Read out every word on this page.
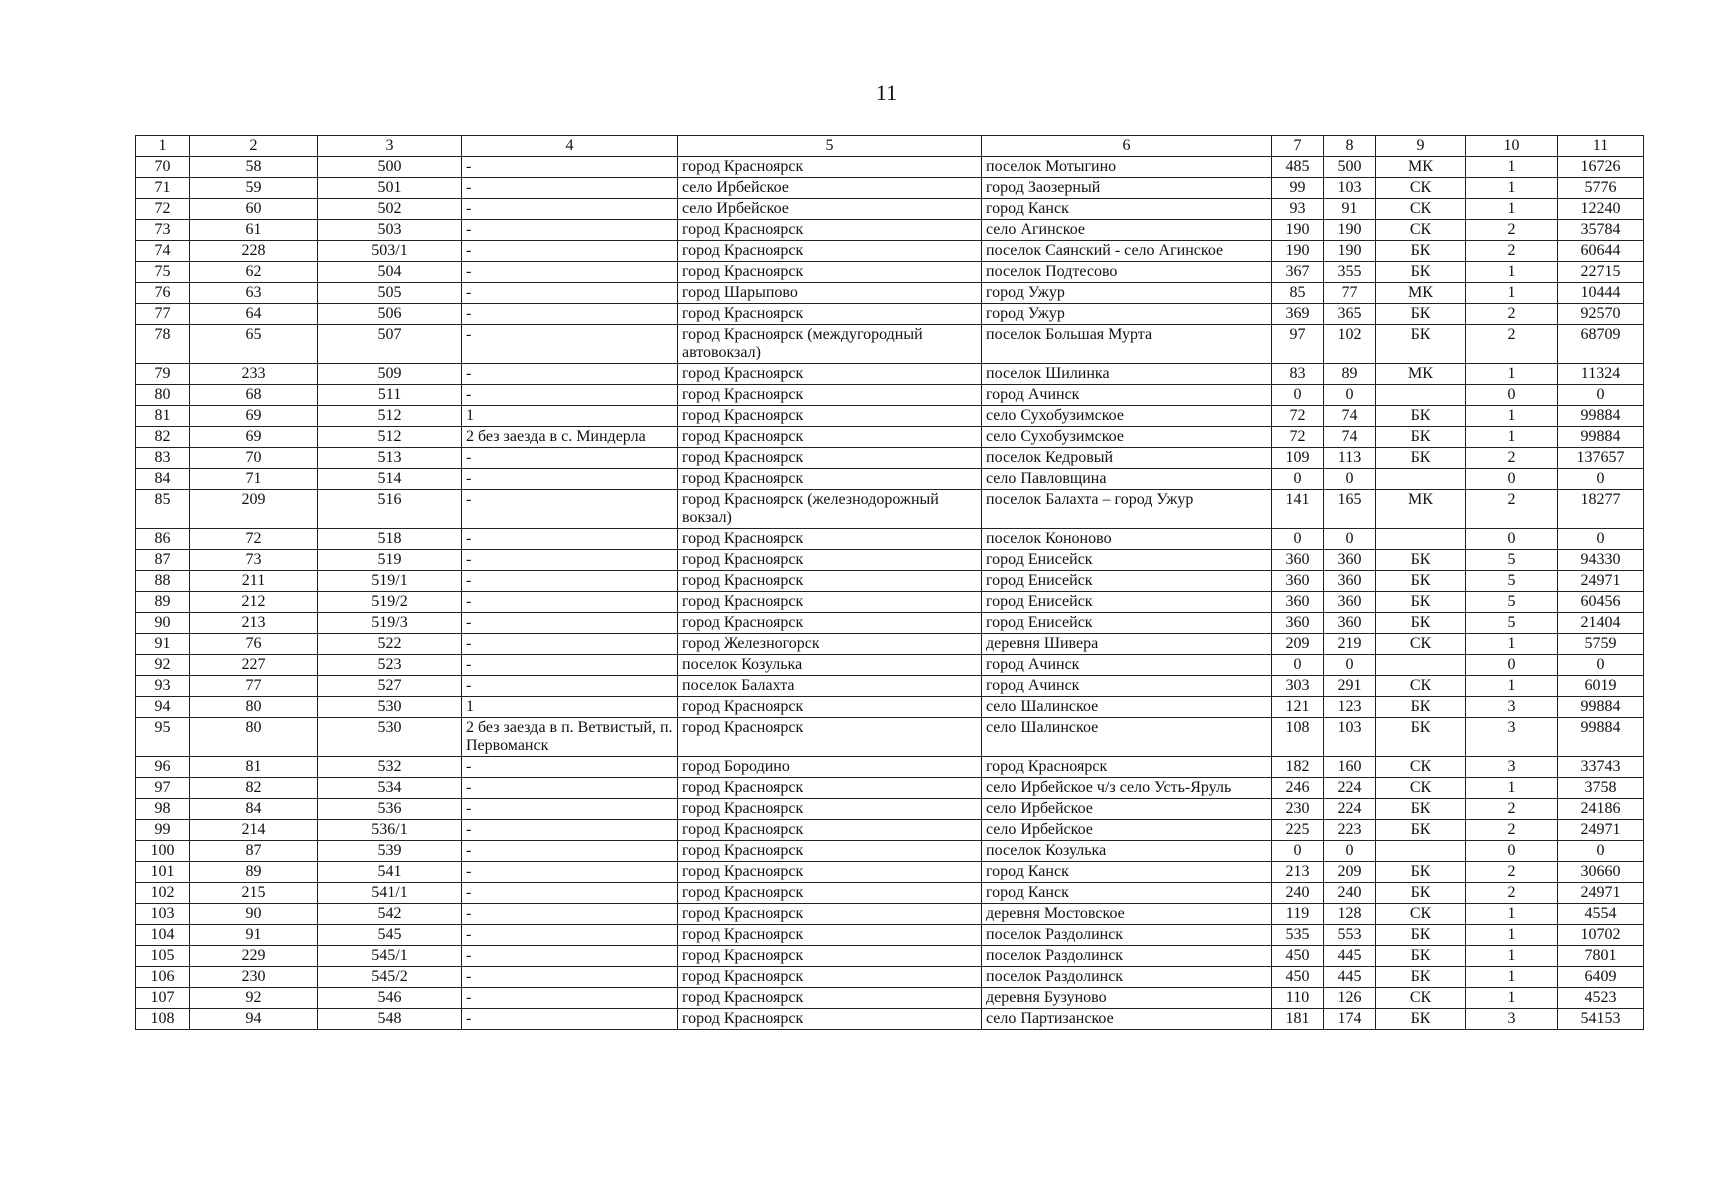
11
1	2	3	4	5	6	7	8	9	10	11
70	58	500	-	город Красноярск	поселок Мотыгино	485	500	МК	1	16726
71	59	501	-	село Ирбейское	город Заозерный	99	103	СК	1	5776
72	60	502	-	село Ирбейское	город Канск	93	91	СК	1	12240
73	61	503	-	город Красноярск	село Агинское	190	190	СК	2	35784
74	228	503/1	-	город Красноярск	поселок Саянский - село Агинское	190	190	БК	2	60644
75	62	504	-	город Красноярск	поселок Подтесово	367	355	БК	1	22715
76	63	505	-	город Шарыпово	город Ужур	85	77	МК	1	10444
77	64	506	-	город Красноярск	город Ужур	369	365	БК	2	92570
78	65	507	-	город Красноярск (междугородный автовокзал)	поселок Большая Мурта	97	102	БК	2	68709
79	233	509	-	город Красноярск	поселок Шилинка	83	89	МК	1	11324
80	68	511	-	город Красноярск	город Ачинск	0	0		0	0
81	69	512	1	город Красноярск	село Сухобузимское	72	74	БК	1	99884
82	69	512	2 без заезда в с. Миндерла	город Красноярск	село Сухобузимское	72	74	БК	1	99884
83	70	513	-	город Красноярск	поселок Кедровый	109	113	БК	2	137657
84	71	514	-	город Красноярск	село Павловщина	0	0		0	0
85	209	516	-	город Красноярск (железнодорожный вокзал)	поселок Балахта – город Ужур	141	165	МК	2	18277
86	72	518	-	город Красноярск	поселок Кононово	0	0		0	0
87	73	519	-	город Красноярск	город Енисейск	360	360	БК	5	94330
88	211	519/1	-	город Красноярск	город Енисейск	360	360	БК	5	24971
89	212	519/2	-	город Красноярск	город Енисейск	360	360	БК	5	60456
90	213	519/3	-	город Красноярск	город Енисейск	360	360	БК	5	21404
91	76	522	-	город Железногорск	деревня Шивера	209	219	СК	1	5759
92	227	523	-	поселок Козулька	город Ачинск	0	0		0	0
93	77	527	-	поселок Балахта	город Ачинск	303	291	СК	1	6019
94	80	530	1	город Красноярск	село Шалинское	121	123	БК	3	99884
95	80	530	2 без заезда в п. Ветвистый, п. Первоманск	город Красноярск	село Шалинское	108	103	БК	3	99884
96	81	532	-	город Бородино	город Красноярск	182	160	СК	3	33743
97	82	534	-	город Красноярск	село Ирбейское ч/з село Усть-Яруль	246	224	СК	1	3758
98	84	536	-	город Красноярск	село Ирбейское	230	224	БК	2	24186
99	214	536/1	-	город Красноярск	село Ирбейское	225	223	БК	2	24971
100	87	539	-	город Красноярск	поселок Козулька	0	0		0	0
101	89	541	-	город Красноярск	город Канск	213	209	БК	2	30660
102	215	541/1	-	город Красноярск	город Канск	240	240	БК	2	24971
103	90	542	-	город Красноярск	деревня Мостовское	119	128	СК	1	4554
104	91	545	-	город Красноярск	поселок Раздолинск	535	553	БК	1	10702
105	229	545/1	-	город Красноярск	поселок Раздолинск	450	445	БК	1	7801
106	230	545/2	-	город Красноярск	поселок Раздолинск	450	445	БК	1	6409
107	92	546	-	город Красноярск	деревня Бузуново	110	126	СК	1	4523
108	94	548	-	город Красноярск	село Партизанское	181	174	БК	3	54153
